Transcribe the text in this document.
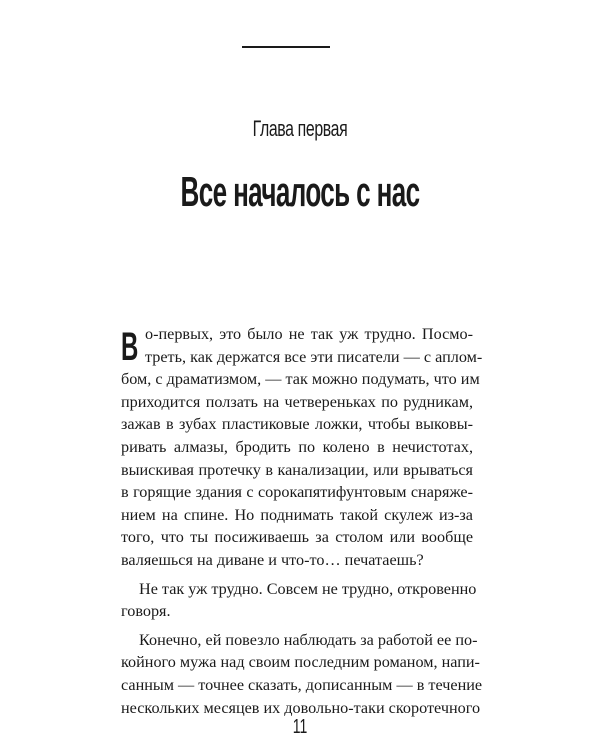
Глава первая
Все началось с нас
В о-первых, это было не так уж трудно. Посмо-
треть, как держатся все эти писатели — с аплом-
бом, с драматизмом, — так можно подумать, что им
приходится ползать на четвереньках по рудникам,
зажав в зубах пластиковые ложки, чтобы выковы-
ривать алмазы, бродить по колено в нечистотах,
выискивая протечку в канализации, или врываться
в горящие здания с сорокапятифунтовым снаряже-
нием на спине. Но поднимать такой скулеж из-за
того, что ты посиживаешь за столом или вообще
валяешься на диване и что-то… печатаешь?

Не так уж трудно. Совсем не трудно, откровенно
говоря.

Конечно, ей повезло наблюдать за работой ее по-
койного мужа над своим последним романом, напи-
санным — точнее сказать, дописанным — в течение
нескольких месяцев их довольно-таки скоротечного

11
